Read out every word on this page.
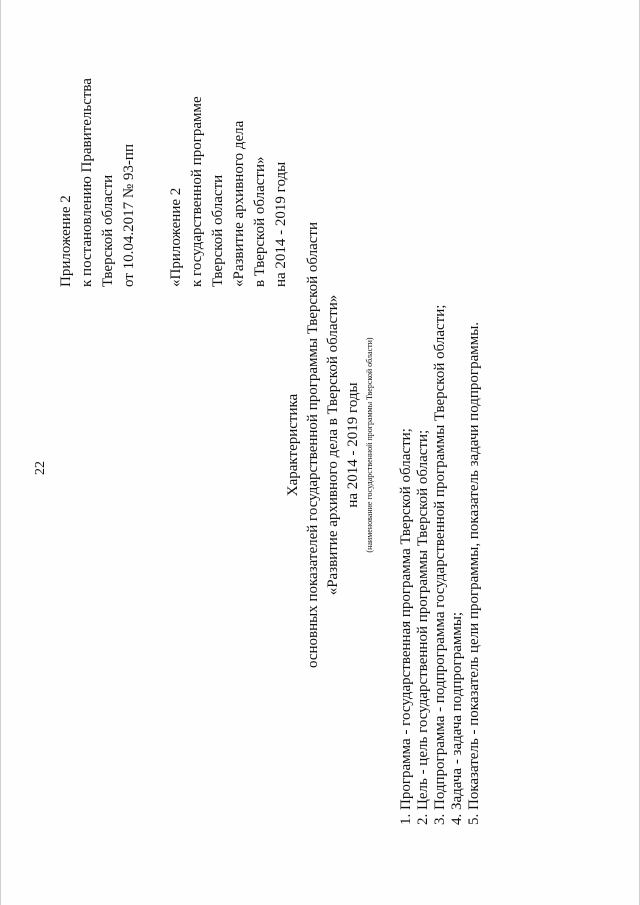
22
Приложение 2 к постановлению Правительства Тверской области от 10.04.2017 № 93-пп «Приложение 2 к государственной программе Тверской области «Развитие архивного дела в Тверской области» на 2014 - 2019 годы
Характеристика основных показателей государственной программы Тверской области «Развитие архивного дела в Тверской области» на 2014 - 2019 годы (наименование государственной программы Тверской области) 1. Программа - государственная программа Тверской области; 2. Цель - цель государственной программы Тверской области; 3. Подпрограмма - подпрограмма государственной программы Тверской области; 4. Задача - задача подпрограммы; 5. Показатель - показатель цели программы, показатель задачи подпрограммы.
